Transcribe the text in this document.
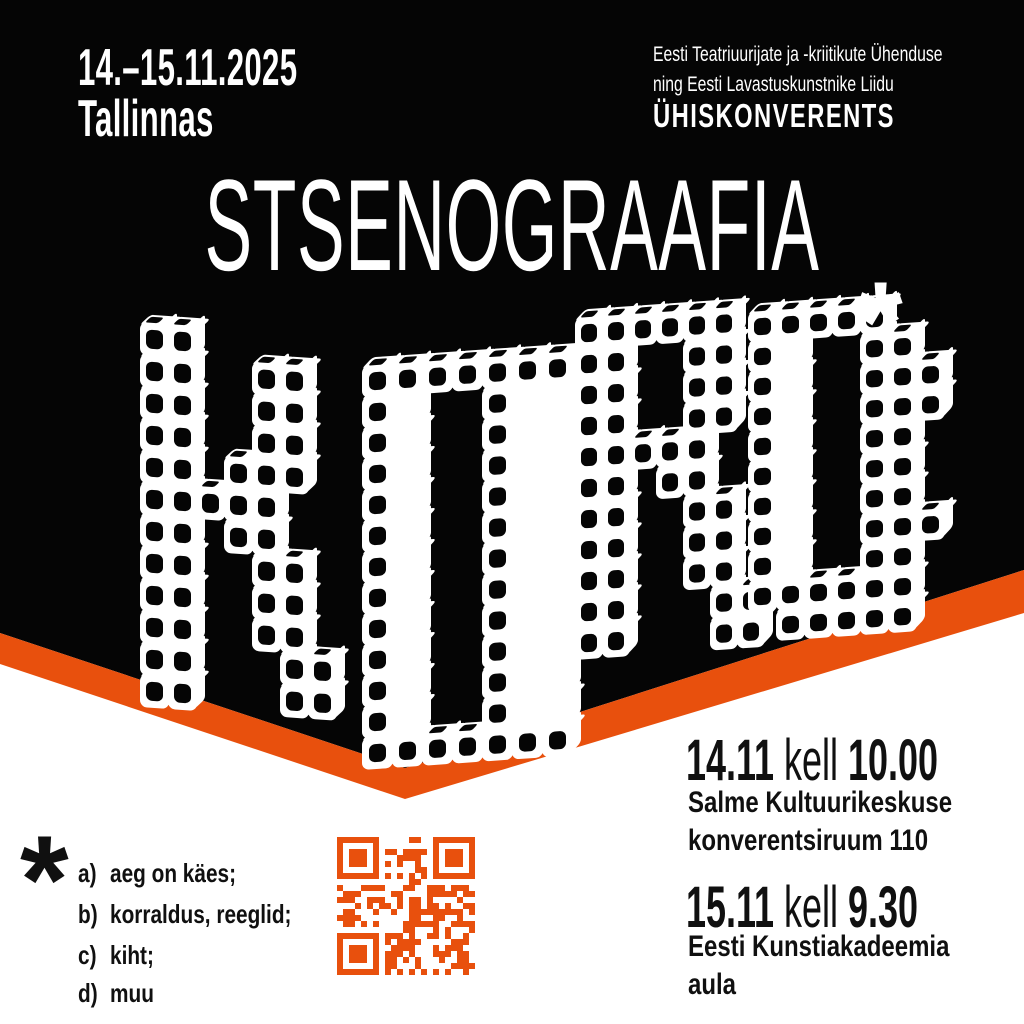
14.–15.11.2025
Tallinnas
Eesti Teatriuurijate ja -kriitikute Ühenduse
ning Eesti Lavastuskunstnike Liidu
ÜHISKONVERENTS
STSENOGRAAFIA
*
* a) aeg on käes;
b) korraldus, reeglid;
c) kiht;
d) muu
14.11 kell 10.00
Salme Kultuurikeskuse
konverentsiruum 110
15.11 kell 9.30
Eesti Kunstiakadeemia
aula
